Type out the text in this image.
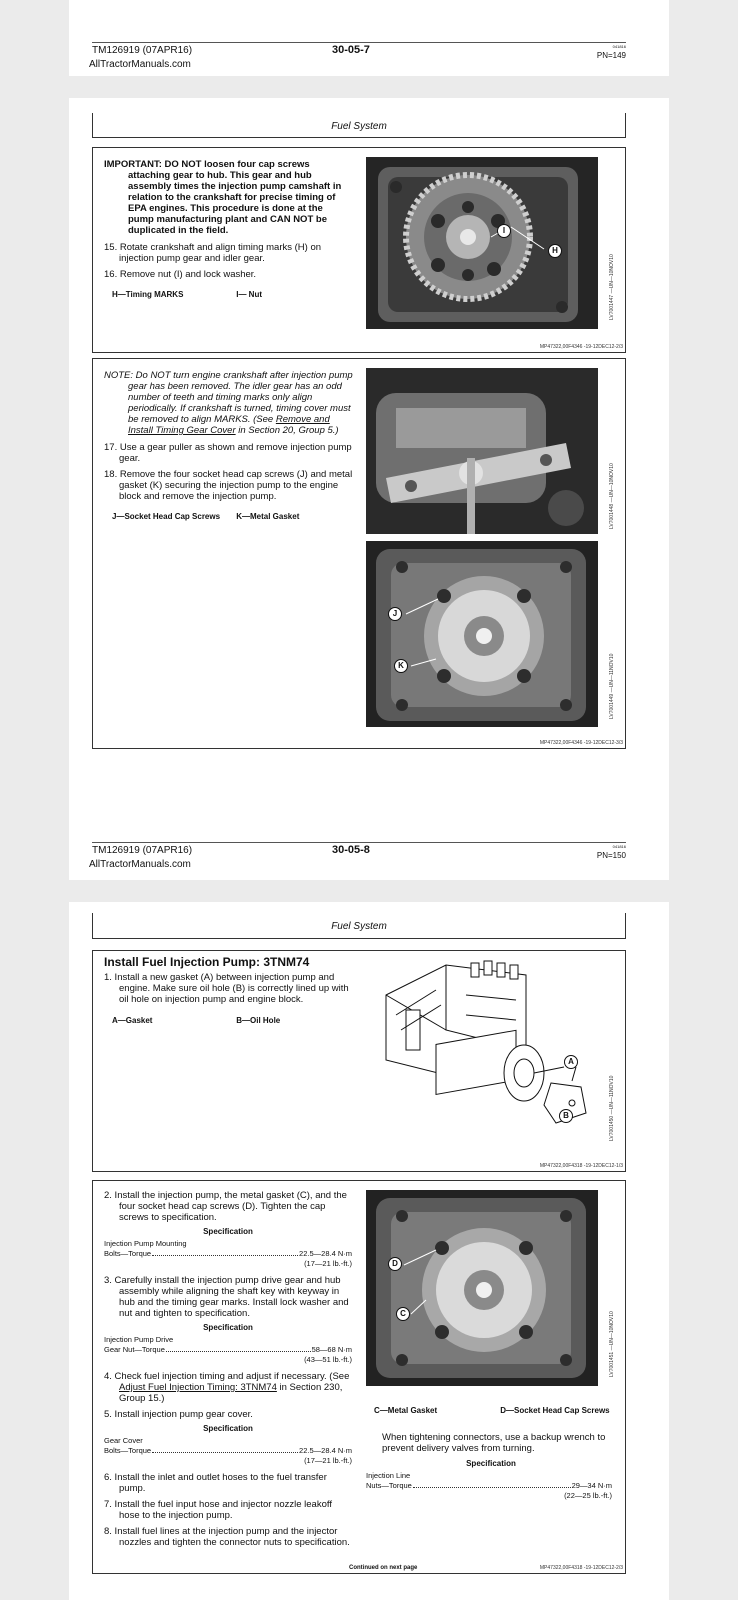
TM126919 (07APR16)	30-05-7	041816
PN=149
AllTractorManuals.com
Fuel System
IMPORTANT: DO NOT loosen four cap screws attaching gear to hub. This gear and hub assembly times the injection pump camshaft in relation to the crankshaft for precise timing of EPA engines. This procedure is done at the pump manufacturing plant and CAN NOT be duplicated in the field.
15. Rotate crankshaft and align timing marks (H) on injection pump gear and idler gear.
16. Remove nut (I) and lock washer.
H—Timing MARKS	I— Nut
I
H
LV7001447 —UN—10NOV10
MP47322,00F4346 -19-12DEC12-2/3
NOTE: Do NOT turn engine crankshaft after injection pump gear has been removed. The idler gear has an odd number of teeth and timing marks only align periodically. If crankshaft is turned, timing cover must be removed to align MARKS. (See Remove and Install Timing Gear Cover in Section 20, Group 5.)
17. Use a gear puller as shown and remove injection pump gear.
18. Remove the four socket head cap screws (J) and metal gasket (K) securing the injection pump to the engine block and remove the injection pump.
J—Socket Head Cap Screws K—Metal Gasket
J
K
LV7001448 —UN—10NOV10
LV7001449 —UN—11NOV10
MP47322,00F4346 -19-12DEC12-3/3
TM126919 (07APR16)	30-05-8	041816
PN=150
AllTractorManuals.com
Fuel System
Install Fuel Injection Pump: 3TNM74
1. Install a new gasket (A) between injection pump and engine. Make sure oil hole (B) is correctly lined up with oil hole on injection pump and engine block.
A—Gasket	B—Oil Hole
A
B	LV7001450 —UN—11NOV10
MP47322,00F4318 -19-12DEC12-1/3
2. Install the injection pump, the metal gasket (C), and the four socket head cap screws (D). Tighten the cap screws to specification.
Specification
Injection Pump Mounting
Bolts—Torque	22.5—28.4 N·m
(17—21 lb.-ft.)
3. Carefully install the injection pump drive gear and hub assembly while aligning the shaft key with keyway in hub and the timing gear marks. Install lock washer and nut and tighten to specification.
Specification
Injection Pump Drive
Gear Nut—Torque	58—68 N·m
(43—51 lb.-ft.)
4. Check fuel injection timing and adjust if necessary. (See Adjust Fuel Injection Timing: 3TNM74 in Section 230, Group 15.)
5. Install injection pump gear cover.
Specification
Gear Cover
Bolts—Torque	22.5—28.4 N·m
(17—21 lb.-ft.)
6. Install the inlet and outlet hoses to the fuel transfer pump.
7. Install the fuel input hose and injector nozzle leakoff hose to the injection pump.
8. Install fuel lines at the injection pump and the injector nozzles and tighten the connector nuts to specification.
D
C	LV7001451 —UN—10NOV10
C—Metal Gasket	D—Socket Head Cap Screws
When tightening connectors, use a backup wrench to prevent delivery valves from turning.
Specification
Injection Line
Nuts—Torque	29—34 N·m
(22—25 lb.-ft.)
Continued on next page	MP47322,00F4318 -19-12DEC12-2/3
